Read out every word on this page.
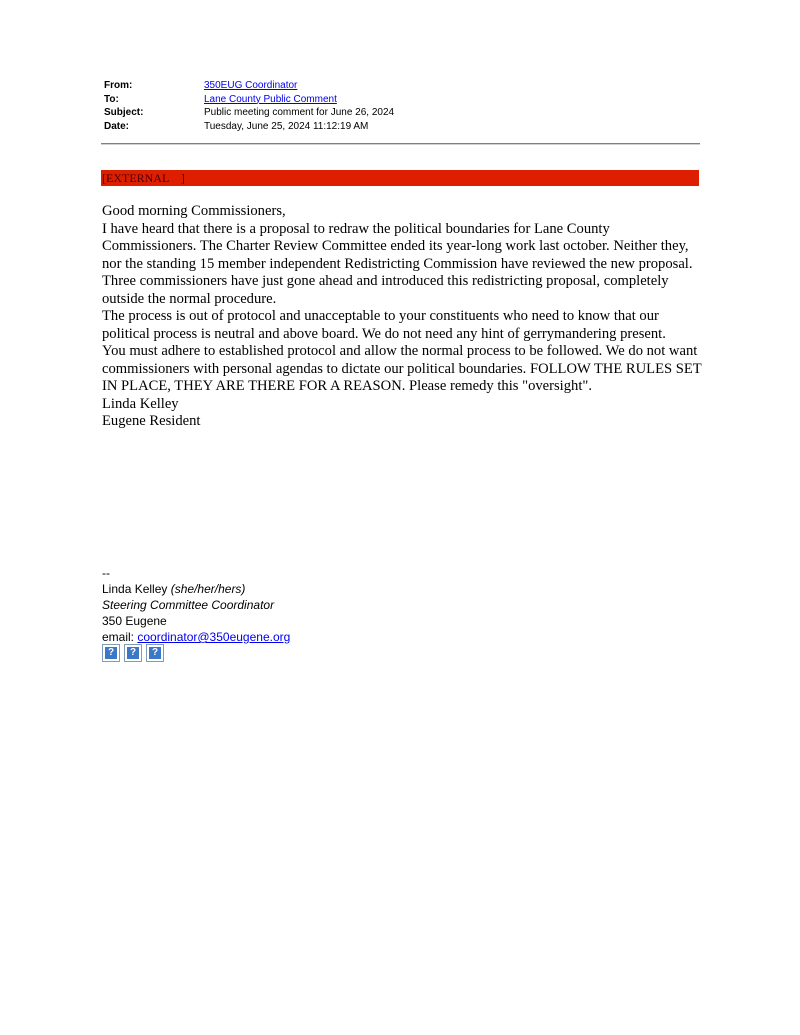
From:	350EUG Coordinator
To:	Lane County Public Comment
Subject:	Public meeting comment for June 26, 2024
Date:	Tuesday, June 25, 2024 11:12:19 AM
[EXTERNAL    ]

Good morning Commissioners,

I have heard that there is a proposal to redraw the political boundaries for Lane County Commissioners. The Charter Review Committee ended its year-long work last october. Neither they, nor the standing 15 member independent Redistricting Commission have reviewed the new proposal.

Three commissioners have just gone ahead and introduced this redistricting proposal, completely outside the normal procedure.

The process is out of protocol and unacceptable to your constituents who need to know that our political process is neutral and above board. We do not need any hint of gerrymandering present.

You must adhere to established protocol and allow the normal process to be followed. We do not want commissioners with personal agendas to dictate our political boundaries. FOLLOW THE RULES SET IN PLACE, THEY ARE THERE FOR A REASON. Please remedy this "oversight".

Linda Kelley

Eugene Resident

--

Linda Kelley (she/her/hers)

Steering Committee Coordinator

350 Eugene

email: coordinator@350eugene.org

? ? ?
